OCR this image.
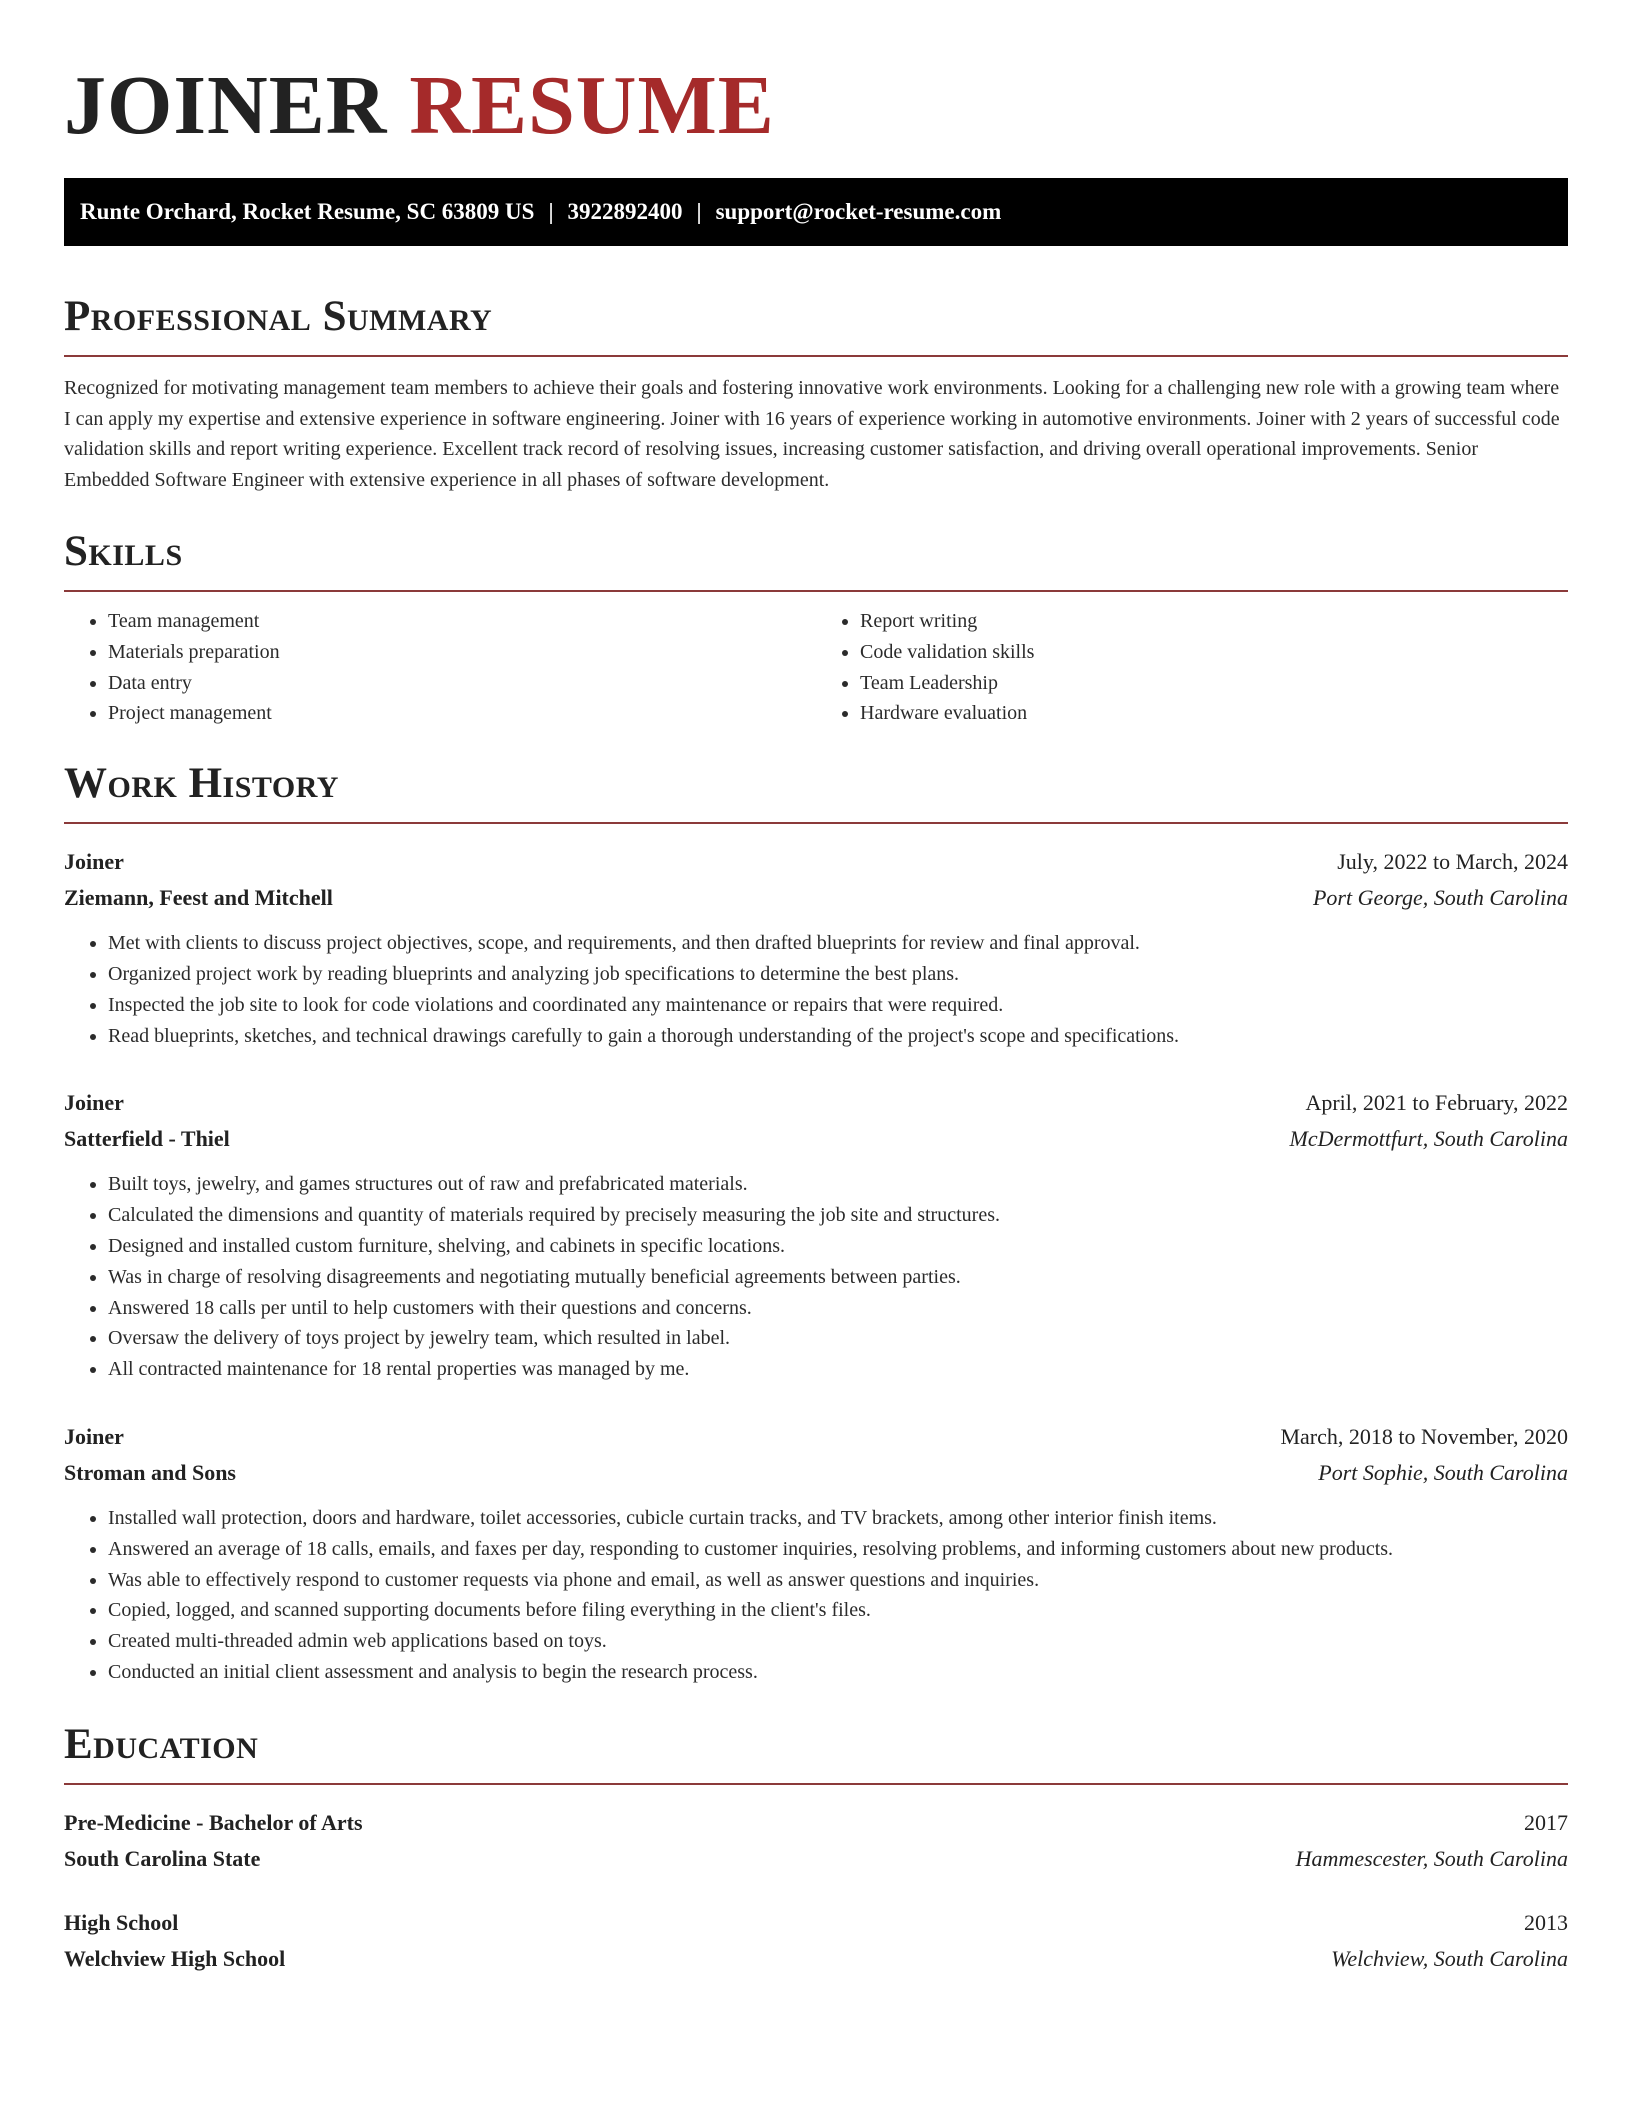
JOINER RESUME
Runte Orchard, Rocket Resume, SC 63809 US | 3922892400 | support@rocket-resume.com
Professional Summary

Recognized for motivating management team members to achieve their goals and fostering innovative work environments. Looking for a challenging new role with a growing team where I can apply my expertise and extensive experience in software engineering. Joiner with 16 years of experience working in automotive environments. Joiner with 2 years of successful code validation skills and report writing experience. Excellent track record of resolving issues, increasing customer satisfaction, and driving overall operational improvements. Senior Embedded Software Engineer with extensive experience in all phases of software development.

Skills
• Team management
• Materials preparation
• Data entry
• Project management
• Report writing
• Code validation skills
• Team Leadership
• Hardware evaluation
Work History
Joiner	July, 2022 to March, 2024
Ziemann, Feest and Mitchell	Port George, South Carolina
• Met with clients to discuss project objectives, scope, and requirements, and then drafted blueprints for review and final approval.
• Organized project work by reading blueprints and analyzing job specifications to determine the best plans.
• Inspected the job site to look for code violations and coordinated any maintenance or repairs that were required.
• Read blueprints, sketches, and technical drawings carefully to gain a thorough understanding of the project's scope and specifications.
Joiner	April, 2021 to February, 2022
Satterfield - Thiel	McDermottfurt, South Carolina
• Built toys, jewelry, and games structures out of raw and prefabricated materials.
• Calculated the dimensions and quantity of materials required by precisely measuring the job site and structures.
• Designed and installed custom furniture, shelving, and cabinets in specific locations.
• Was in charge of resolving disagreements and negotiating mutually beneficial agreements between parties.
• Answered 18 calls per until to help customers with their questions and concerns.
• Oversaw the delivery of toys project by jewelry team, which resulted in label.
• All contracted maintenance for 18 rental properties was managed by me.
Joiner	March, 2018 to November, 2020
Stroman and Sons	Port Sophie, South Carolina
• Installed wall protection, doors and hardware, toilet accessories, cubicle curtain tracks, and TV brackets, among other interior finish items.
• Answered an average of 18 calls, emails, and faxes per day, responding to customer inquiries, resolving problems, and informing customers about new products.
• Was able to effectively respond to customer requests via phone and email, as well as answer questions and inquiries.
• Copied, logged, and scanned supporting documents before filing everything in the client's files.
• Created multi-threaded admin web applications based on toys.
• Conducted an initial client assessment and analysis to begin the research process.
Education
Pre-Medicine - Bachelor of Arts	2017
South Carolina State	Hammescester, South Carolina
High School	2013
Welchview High School	Welchview, South Carolina
